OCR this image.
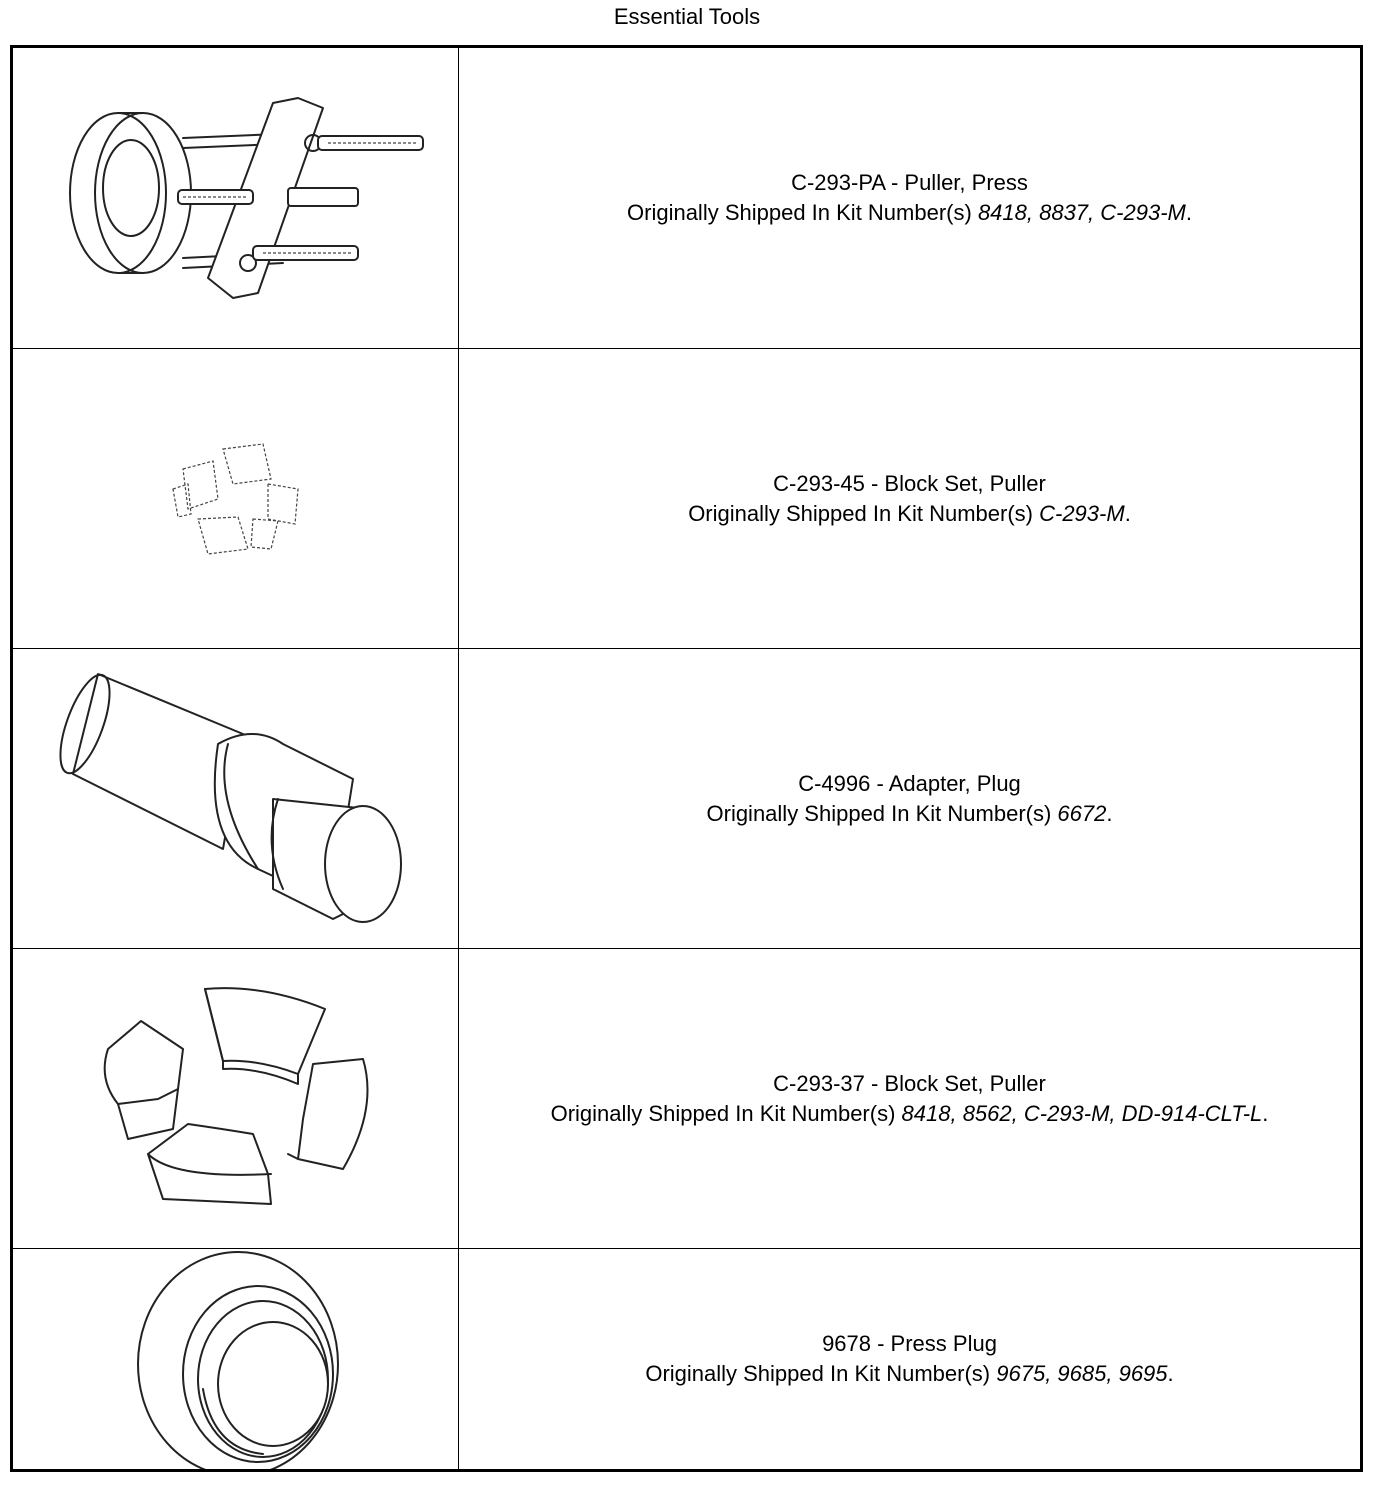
Essential Tools
C-293-PA - Puller, Press
Originally Shipped In Kit Number(s) 8418, 8837, C-293-M.
C-293-45 - Block Set, Puller
Originally Shipped In Kit Number(s) C-293-M.
C-4996 - Adapter, Plug
Originally Shipped In Kit Number(s) 6672.
C-293-37 - Block Set, Puller
Originally Shipped In Kit Number(s) 8418, 8562, C-293-M, DD-914-CLT-L.
9678 - Press Plug
Originally Shipped In Kit Number(s) 9675, 9685, 9695.
